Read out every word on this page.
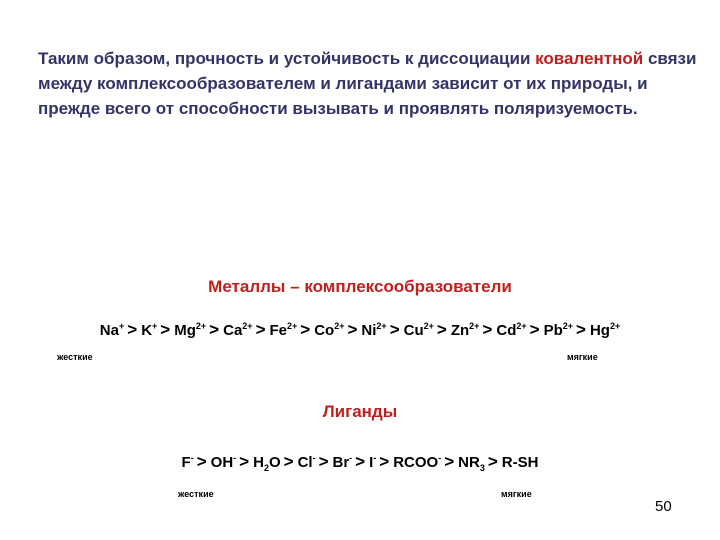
Таким образом, прочность и устойчивость к диссоциации ковалентной связи между комплексообразователем и лигандами зависит от их природы, и прежде всего от способности вызывать и проявлять поляризуемость.

Металлы – комплексообразователи

$Na^+ > K^+ > Mg^{2+} > Ca^{2+} > Fe^{2+} > Co^{2+} > Ni^{2+} > Cu^{2+} > Zn^{2+} > Cd^{2+} > Pb^{2+} > Hg^{2+}$

жесткие	мягкие

Лиганды

$F^- > OH^- > H_2O > Cl^- > Br^- > I^-$ > RCOO- > $NR_3 > R-SH$

жесткие	мягкие

50
